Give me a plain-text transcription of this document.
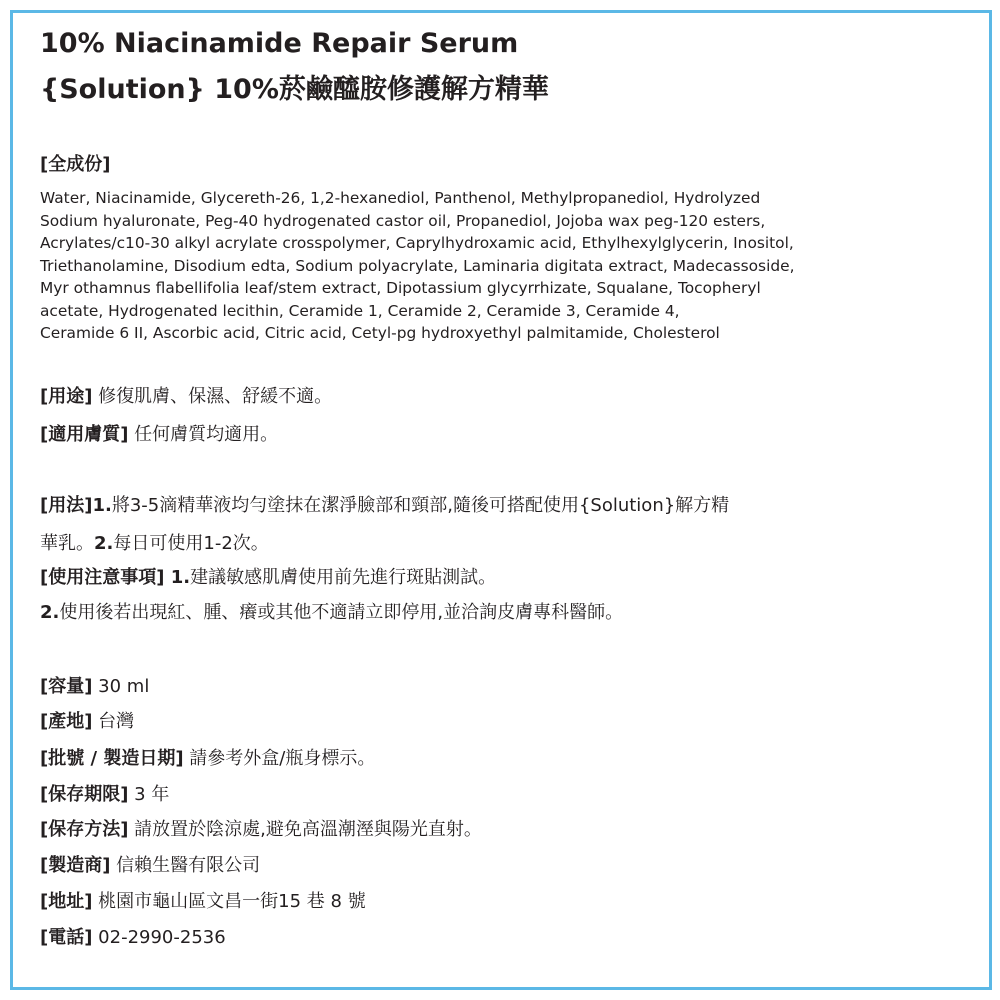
10% Niacinamide Repair Serum
{Solution} 10%菸鹼醯胺修護解方精華
[全成份]
Water, Niacinamide, Glycereth-26, 1,2-hexanediol, Panthenol, Methylpropanediol, Hydrolyzed
Sodium hyaluronate, Peg-40 hydrogenated castor oil, Propanediol, Jojoba wax peg-120 esters,
Acrylates/c10-30 alkyl acrylate crosspolymer, Caprylhydroxamic acid, Ethylhexylglycerin, Inositol,
Triethanolamine, Disodium edta, Sodium polyacrylate, Laminaria digitata extract, Madecassoside,
Myr othamnus flabellifolia leaf/stem extract, Dipotassium glycyrrhizate, Squalane, Tocopheryl
acetate, Hydrogenated lecithin, Ceramide 1, Ceramide 2, Ceramide 3, Ceramide 4,
Ceramide 6 II, Ascorbic acid, Citric acid, Cetyl-pg hydroxyethyl palmitamide, Cholesterol
[用途] 修復肌膚、保濕、舒緩不適。
[適用膚質] 任何膚質均適用。
[用法]1.將3-5滴精華液均勻塗抹在潔淨臉部和頸部,隨後可搭配使用{Solution}解方精
華乳。2.每日可使用1-2次。
[使用注意事項] 1.建議敏感肌膚使用前先進行斑貼測試。
2.使用後若出現紅、腫、癢或其他不適請立即停用,並洽詢皮膚專科醫師。
[容量] 30 ml
[產地] 台灣
[批號 / 製造日期] 請參考外盒/瓶身標示。
[保存期限] 3 年
[保存方法] 請放置於陰涼處,避免高溫潮溼與陽光直射。
[製造商] 信賴生醫有限公司
[地址] 桃園市龜山區文昌一街15 巷 8 號
[電話] 02-2990-2536
